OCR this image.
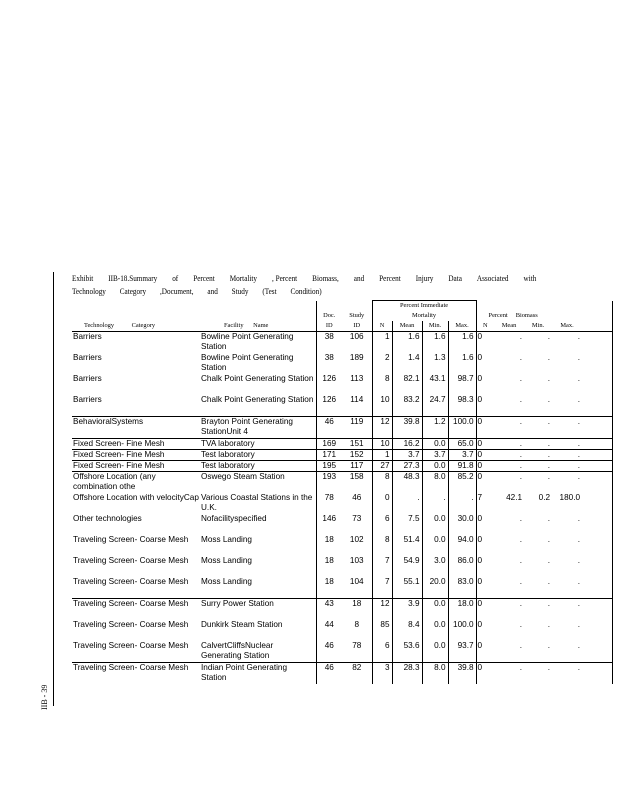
IIB - 39
Exhibit IIB-18.Summary of Percent Mortality , Percent Biomass, and Percent Injury Data Associated with
Technology Category ,Document, and Study (Test Condition)
				Percent Immediate								
		Doc.	Study	Mortality				Percent Biomass				
Technology Category	Facility Name	ID	ID	N	Mean	Min.	Max.	N	Mean	Min.	Max.	
Barriers	Bowline Point Generating Station	38	106	1	1.6	1.6	1.6	0	.	.	.	
Barriers	Bowline Point Generating Station	38	189	2	1.4	1.3	1.6	0	.	.	.	
Barriers	Chalk Point Generating Station	126	113	8	82.1	43.1	98.7	0	.	.	.	
Barriers	Chalk Point Generating Station	126	114	10	83.2	24.7	98.3	0	.	.	.	
BehavioralSystems	Brayton Point Generating StationUnit 4	46	119	12	39.8	1.2	100.0	0	.	.	.	
Fixed Screen- Fine Mesh	TVA laboratory	169	151	10	16.2	0.0	65.0	0	.	.	.	
Fixed Screen- Fine Mesh	Test laboratory	171	152	1	3.7	3.7	3.7	0	.	.	.	
Fixed Screen- Fine Mesh	Test laboratory	195	117	27	27.3	0.0	91.8	0	.	.	.	
Offshore Location (any combination othe	Oswego Steam Station	193	158	8	48.3	8.0	85.2	0	.	.	.	
Offshore Location with velocityCap	Various Coastal Stations in the U.K.	78	46	0	.	.	.	7	42.1	0.2	180.0	
Other technologies	Nofacilityspecified	146	73	6	7.5	0.0	30.0	0	.	.	.	
Traveling Screen- Coarse Mesh	Moss Landing	18	102	8	51.4	0.0	94.0	0	.	.	.	
Traveling Screen- Coarse Mesh	Moss Landing	18	103	7	54.9	3.0	86.0	0	.	.	.	
Traveling Screen- Coarse Mesh	Moss Landing	18	104	7	55.1	20.0	83.0	0	.	.	.	
Traveling Screen- Coarse Mesh	Surry Power Station	43	18	12	3.9	0.0	18.0	0	.	.	.	
Traveling Screen- Coarse Mesh	Dunkirk Steam Station	44	8	85	8.4	0.0	100.0	0	.	.	.	
Traveling Screen- Coarse Mesh	CalvertCliffsNuclear Generating Station	46	78	6	53.6	0.0	93.7	0	.	.	.	
Traveling Screen- Coarse Mesh	Indian Point Generating Station	46	82	3	28.3	8.0	39.8	0	.	.	.	
